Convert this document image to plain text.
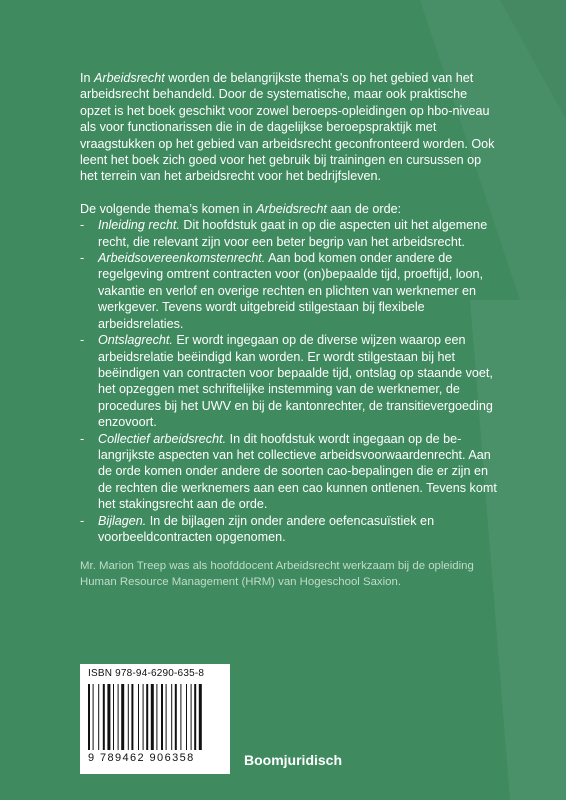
In Arbeidsrecht worden de belangrijkste thema’s op het gebied van het arbeidsrecht behandeld. Door de systematische, maar ook praktische opzet is het boek geschikt voor zowel beroeps-opleidingen op hbo-niveau als voor functionarissen die in de dagelijkse beroepspraktijk met vraagstukken op het gebied van arbeidsrecht geconfronteerd worden. Ook leent het boek zich goed voor het gebruik bij trainingen en cursussen op het terrein van het arbeidsrecht voor het bedrijfsleven.

De volgende thema’s komen in Arbeidsrecht aan de orde:

- Inleiding recht. Dit hoofdstuk gaat in op die aspecten uit het algemene recht, die relevant zijn voor een beter begrip van het arbeidsrecht.
- Arbeidsovereenkomstenrecht. Aan bod komen onder andere de regelgeving omtrent contracten voor (on)bepaalde tijd, proeftijd, loon, vakantie en verlof en overige rechten en plichten van werknemer en werkgever. Tevens wordt uitgebreid stilgestaan bij flexibele arbeidsrelaties.
- Ontslagrecht. Er wordt ingegaan op de diverse wijzen waarop een arbeidsrelatie beëindigd kan worden. Er wordt stilgestaan bij het beëindigen van contracten voor bepaalde tijd, ontslag op staande voet, het opzeggen met schriftelijke instemming van de werknemer, de procedures bij het UWV en bij de kantonrechter, de transitievergoeding enzovoort.
- Collectief arbeidsrecht. In dit hoofdstuk wordt ingegaan op de be-langrijkste aspecten van het collectieve arbeidsvoorwaardenrecht. Aan de orde komen onder andere de soorten cao-bepalingen die er zijn en de rechten die werknemers aan een cao kunnen ontlenen. Tevens komt het stakingsrecht aan de orde.
- Bijlagen. In de bijlagen zijn onder andere oefencasuïstiek en voorbeeldcontracten opgenomen.

Mr. Marion Treep was als hoofddocent Arbeidsrecht werkzaam bij de opleiding Human Resource Management (HRM) van Hogeschool Saxion.

ISBN 978-94-6290-635-8
9 789462 906358	Boomjuridisch
